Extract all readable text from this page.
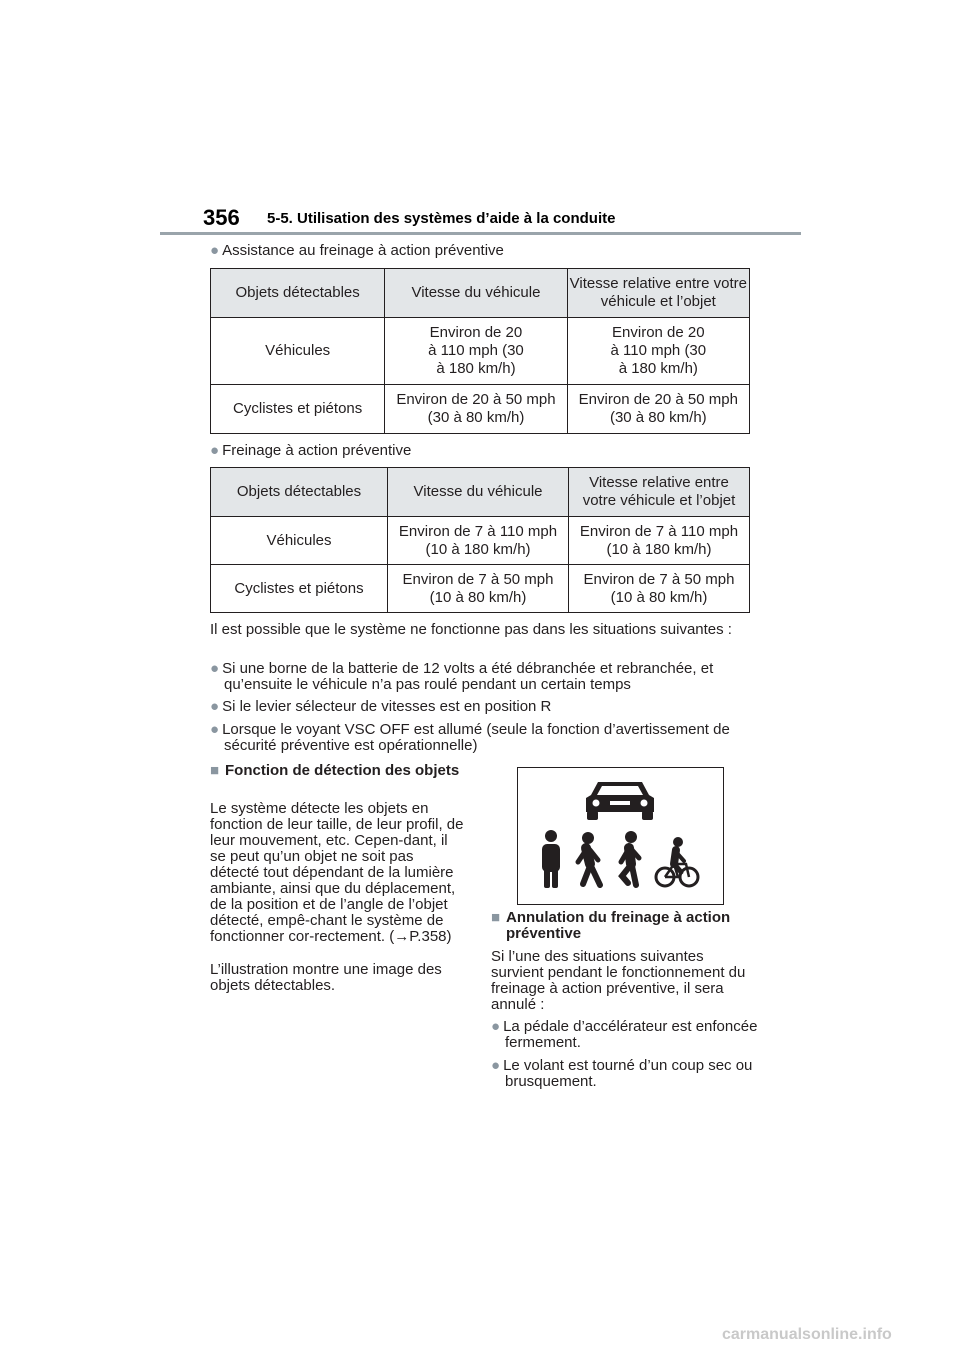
356 5-5. Utilisation des systèmes d’aide à la conduite
● Assistance au freinage à action préventive
Objets détectables	Vitesse du véhicule	Vitesse relative entre votre véhicule et l’objet
Véhicules	Environ de 20 à 110 mph (30 à 180 km/h)	Environ de 20 à 110 mph (30 à 180 km/h)
Cyclistes et piétons	Environ de 20 à 50 mph (30 à 80 km/h)	Environ de 20 à 50 mph (30 à 80 km/h)
● Freinage à action préventive
Objets détectables	Vitesse du véhicule	Vitesse relative entre votre véhicule et l’objet
Véhicules	Environ de 7 à 110 mph (10 à 180 km/h)	Environ de 7 à 110 mph (10 à 180 km/h)
Cyclistes et piétons	Environ de 7 à 50 mph (10 à 80 km/h)	Environ de 7 à 50 mph (10 à 80 km/h)
Il est possible que le système ne fonctionne pas dans les situations suivantes :
● Si une borne de la batterie de 12 volts a été débranchée et rebranchée, et qu’ensuite le véhicule n’a pas roulé pendant un certain temps
● Si le levier sélecteur de vitesses est en position R
● Lorsque le voyant VSC OFF est allumé (seule la fonction d’avertissement de sécurité préventive est opérationnelle)
■ Fonction de détection des objets
Le système détecte les objets en fonction de leur taille, de leur profil, de leur mouvement, etc. Cepen-dant, il se peut qu’un objet ne soit pas détecté tout dépendant de la lumière ambiante, ainsi que du déplacement, de la position et de l’angle de l’objet détecté, empê-chant le système de fonctionner cor-rectement. (→P.358)
L’illustration montre une image des objets détectables.
■ Annulation du freinage à action préventive
Si l’une des situations suivantes survient pendant le fonctionnement du freinage à action préventive, il sera annulé :
● La pédale d’accélérateur est enfoncée fermement.
● Le volant est tourné d’un coup sec ou brusquement.
carmanualsonline.info
